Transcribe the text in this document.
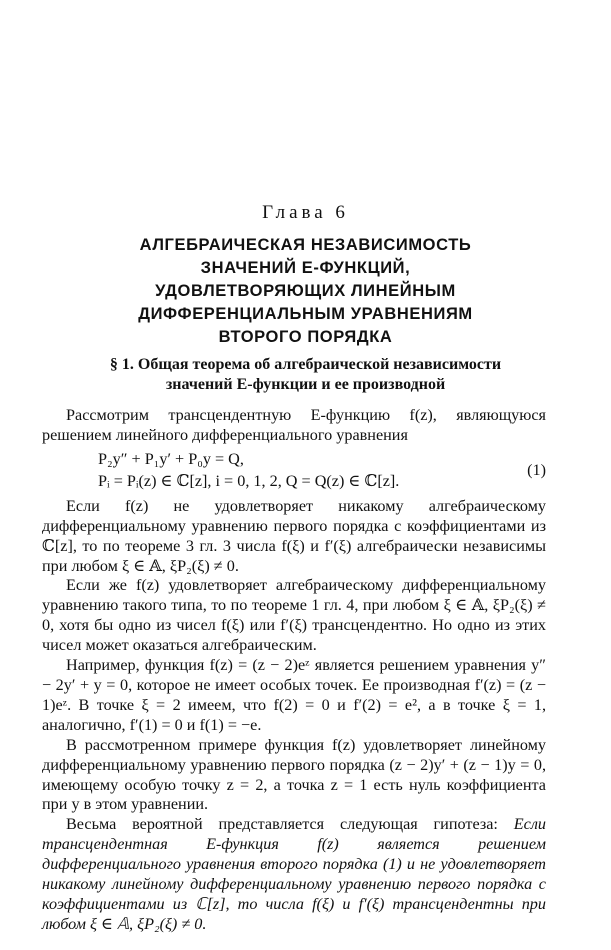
Глава 6
АЛГЕБРАИЧЕСКАЯ НЕЗАВИСИМОСТЬ
ЗНАЧЕНИЙ E-ФУНКЦИЙ,
УДОВЛЕТВОРЯЮЩИХ ЛИНЕЙНЫМ
ДИФФЕРЕНЦИАЛЬНЫМ УРАВНЕНИЯМ
ВТОРОГО ПОРЯДКА
§ 1. Общая теорема об алгебраической независимости
значений E-функции и ее производной

Рассмотрим трансцендентную E-функцию f(z), являющуюся решением линейного дифференциального уравнения

P₂y″ + P₁y′ + P₀y = Q,
Pᵢ = Pᵢ(z) ∈ ℂ[z], i = 0, 1, 2, Q = Q(z) ∈ ℂ[z].
(1)

Если f(z) не удовлетворяет никакому алгебраическому дифференциальному уравнению первого порядка с коэффициентами из ℂ[z], то по теореме 3 гл. 3 числа f(ξ) и f′(ξ) алгебраически независимы при любом ξ ∈ 𝔸, ξP₂(ξ) ≠ 0.

Если же f(z) удовлетворяет алгебраическому дифференциальному уравнению такого типа, то по теореме 1 гл. 4, при любом ξ ∈ 𝔸, ξP₂(ξ) ≠ 0, хотя бы одно из чисел f(ξ) или f′(ξ) трансцендентно. Но одно из этих чисел может оказаться алгебраическим.

Например, функция f(z) = (z − 2)eᶻ является решением уравнения y″ − 2y′ + y = 0, которое не имеет особых точек. Ее производная f′(z) = (z − 1)eᶻ. В точке ξ = 2 имеем, что f(2) = 0 и f′(2) = e², а в точке ξ = 1, аналогично, f′(1) = 0 и f(1) = −e.

В рассмотренном примере функция f(z) удовлетворяет линейному дифференциальному уравнению первого порядка (z − 2)y′ + (z − 1)y = 0, имеющему особую точку z = 2, а точка z = 1 есть нуль коэффициента при y в этом уравнении.

Весьма вероятной представляется следующая гипотеза: Если трансцендентная E-функция f(z) является решением дифференциального уравнения второго порядка (1) и не удовлетворяет никакому линейному дифференциальному уравнению первого порядка с коэффициентами из ℂ[z], то числа f(ξ) и f′(ξ) трансцендентны при любом ξ ∈ 𝔸, ξP₂(ξ) ≠ 0.
